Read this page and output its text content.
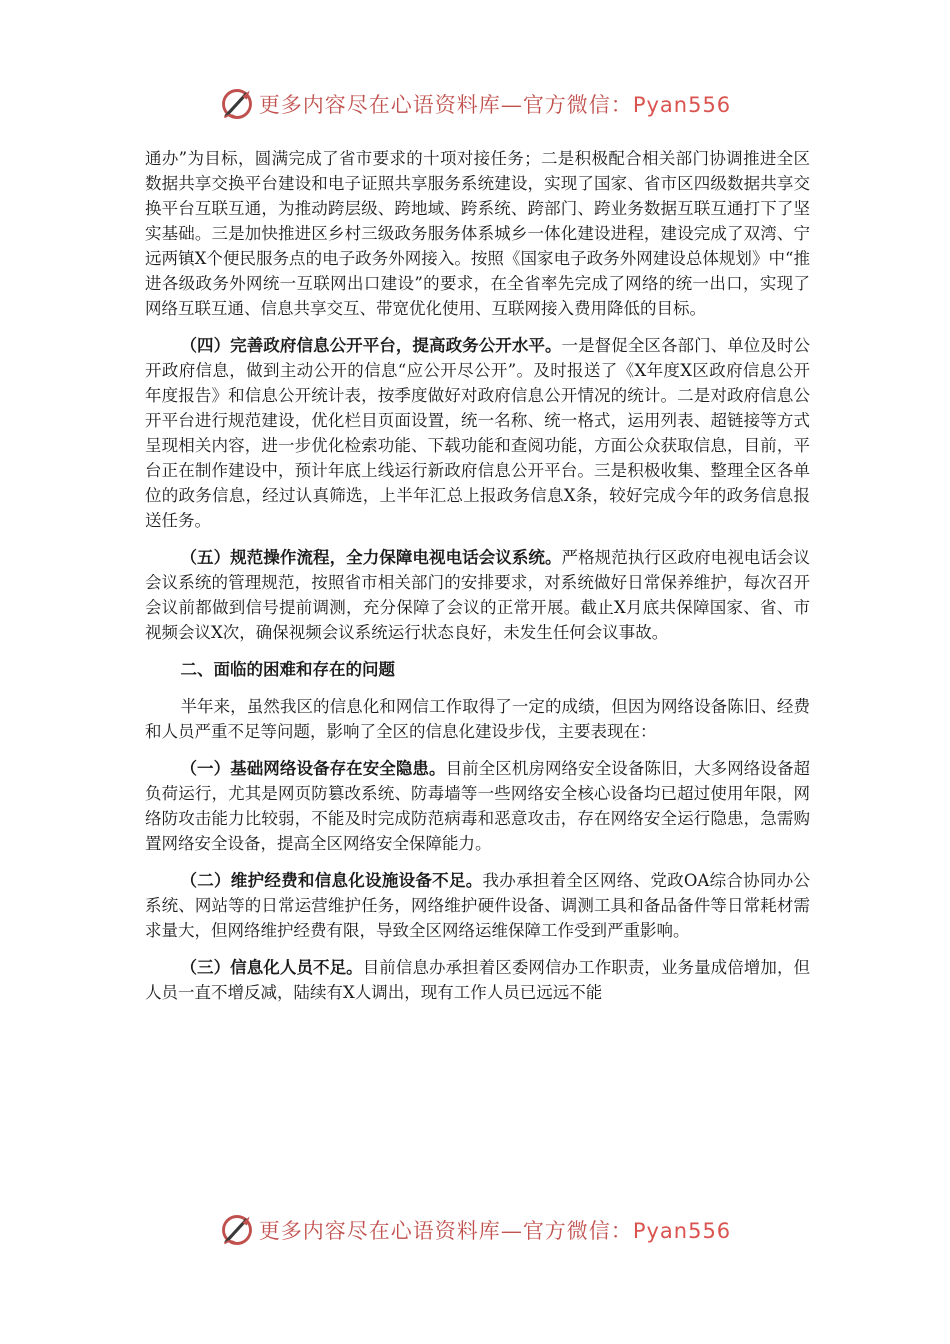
更多内容尽在心语资料库—官方微信：Pyan556

通办”为目标，圆满完成了省市要求的十项对接任务；二是积极配合相关部门协调推进全区数据共享交换平台建设和电子证照共享服务系统建设，实现了国家、省市区四级数据共享交换平台互联互通，为推动跨层级、跨地域、跨系统、跨部门、跨业务数据互联互通打下了坚实基础。三是加快推进区乡村三级政务服务体系城乡一体化建设进程，建设完成了双湾、宁远两镇X个便民服务点的电子政务外网接入。按照《国家电子政务外网建设总体规划》中“推进各级政务外网统一互联网出口建设”的要求，在全省率先完成了网络的统一出口，实现了网络互联互通、信息共享交互、带宽优化使用、互联网接入费用降低的目标。

（四）完善政府信息公开平台，提高政务公开水平。一是督促全区各部门、单位及时公开政府信息，做到主动公开的信息“应公开尽公开”。及时报送了《X年度X区政府信息公开年度报告》和信息公开统计表，按季度做好对政府信息公开情况的统计。二是对政府信息公开平台进行规范建设，优化栏目页面设置，统一名称、统一格式，运用列表、超链接等方式呈现相关内容，进一步优化检索功能、下载功能和查阅功能，方面公众获取信息，目前，平台正在制作建设中，预计年底上线运行新政府信息公开平台。三是积极收集、整理全区各单位的政务信息，经过认真筛选，上半年汇总上报政务信息X条，较好完成今年的政务信息报送任务。

（五）规范操作流程，全力保障电视电话会议系统。严格规范执行区政府电视电话会议会议系统的管理规范，按照省市相关部门的安排要求，对系统做好日常保养维护，每次召开会议前都做到信号提前调测，充分保障了会议的正常开展。截止X月底共保障国家、省、市视频会议X次，确保视频会议系统运行状态良好，未发生任何会议事故。

二、面临的困难和存在的问题

半年来，虽然我区的信息化和网信工作取得了一定的成绩，但因为网络设备陈旧、经费和人员严重不足等问题，影响了全区的信息化建设步伐，主要表现在：

（一）基础网络设备存在安全隐患。目前全区机房网络安全设备陈旧，大多网络设备超负荷运行，尤其是网页防篡改系统、防毒墙等一些网络安全核心设备均已超过使用年限，网络防攻击能力比较弱，不能及时完成防范病毒和恶意攻击，存在网络安全运行隐患，急需购置网络安全设备，提高全区网络安全保障能力。

（二）维护经费和信息化设施设备不足。我办承担着全区网络、党政OA综合协同办公系统、网站等的日常运营维护任务，网络维护硬件设备、调测工具和备品备件等日常耗材需求量大，但网络维护经费有限，导致全区网络运维保障工作受到严重影响。

（三）信息化人员不足。目前信息办承担着区委网信办工作职责，业务量成倍增加，但人员一直不增反减，陆续有X人调出，现有工作人员已远远不能

更多内容尽在心语资料库—官方微信：Pyan556
